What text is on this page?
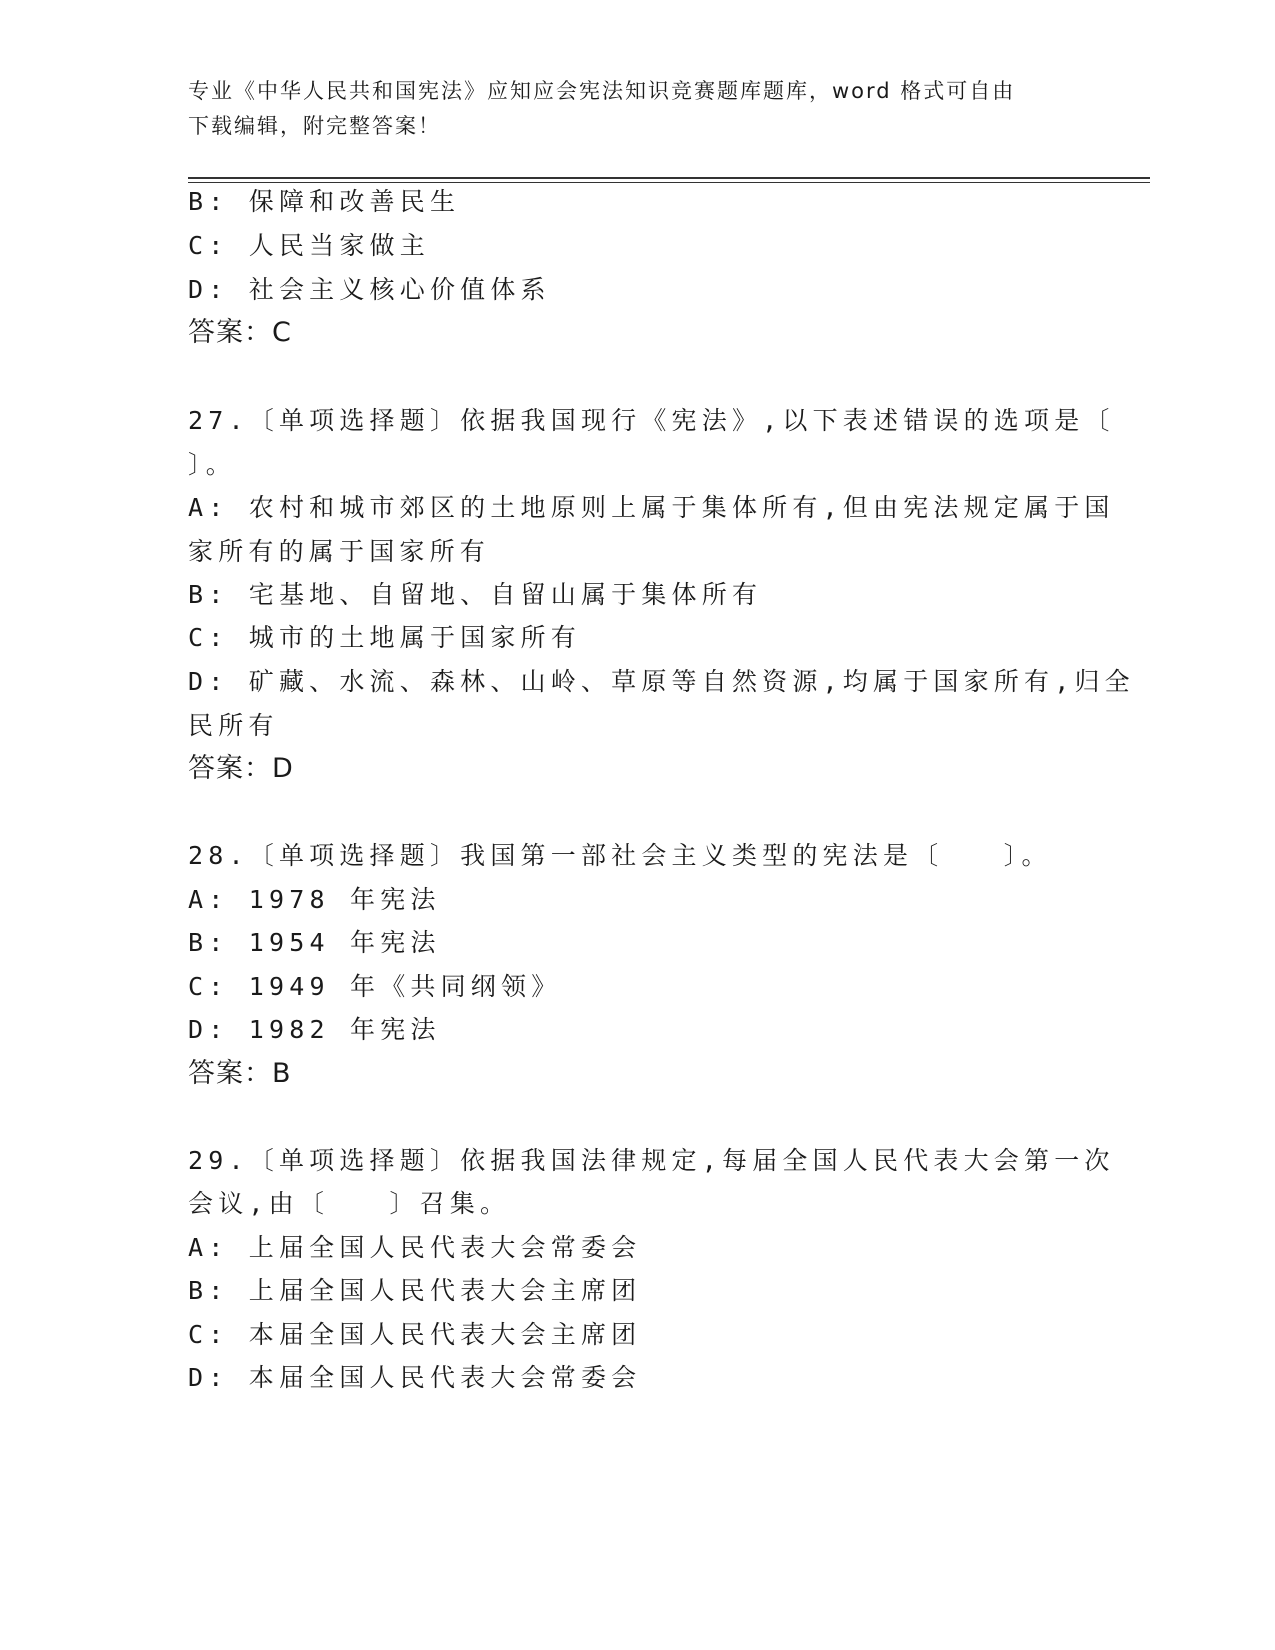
专业《中华人民共和国宪法》应知应会宪法知识竞赛题库题库，word 格式可自由
下载编辑，附完整答案！
B: 保障和改善民生
C: 人民当家做主
D: 社会主义核心价值体系
答案：C
27.〔单项选择题〕依据我国现行《宪法》,以下表述错误的选项是〔
〕。
A: 农村和城市郊区的土地原则上属于集体所有,但由宪法规定属于国
家所有的属于国家所有
B: 宅基地、自留地、自留山属于集体所有
C: 城市的土地属于国家所有
D: 矿藏、水流、森林、山岭、草原等自然资源,均属于国家所有,归全
民所有
答案：D
28.〔单项选择题〕我国第一部社会主义类型的宪法是〔　　〕。
A: 1978 年宪法
B: 1954 年宪法
C: 1949 年《共同纲领》
D: 1982 年宪法
答案：B
29.〔单项选择题〕依据我国法律规定,每届全国人民代表大会第一次
会议,由〔　　〕召集。
A: 上届全国人民代表大会常委会
B: 上届全国人民代表大会主席团
C: 本届全国人民代表大会主席团
D: 本届全国人民代表大会常委会
